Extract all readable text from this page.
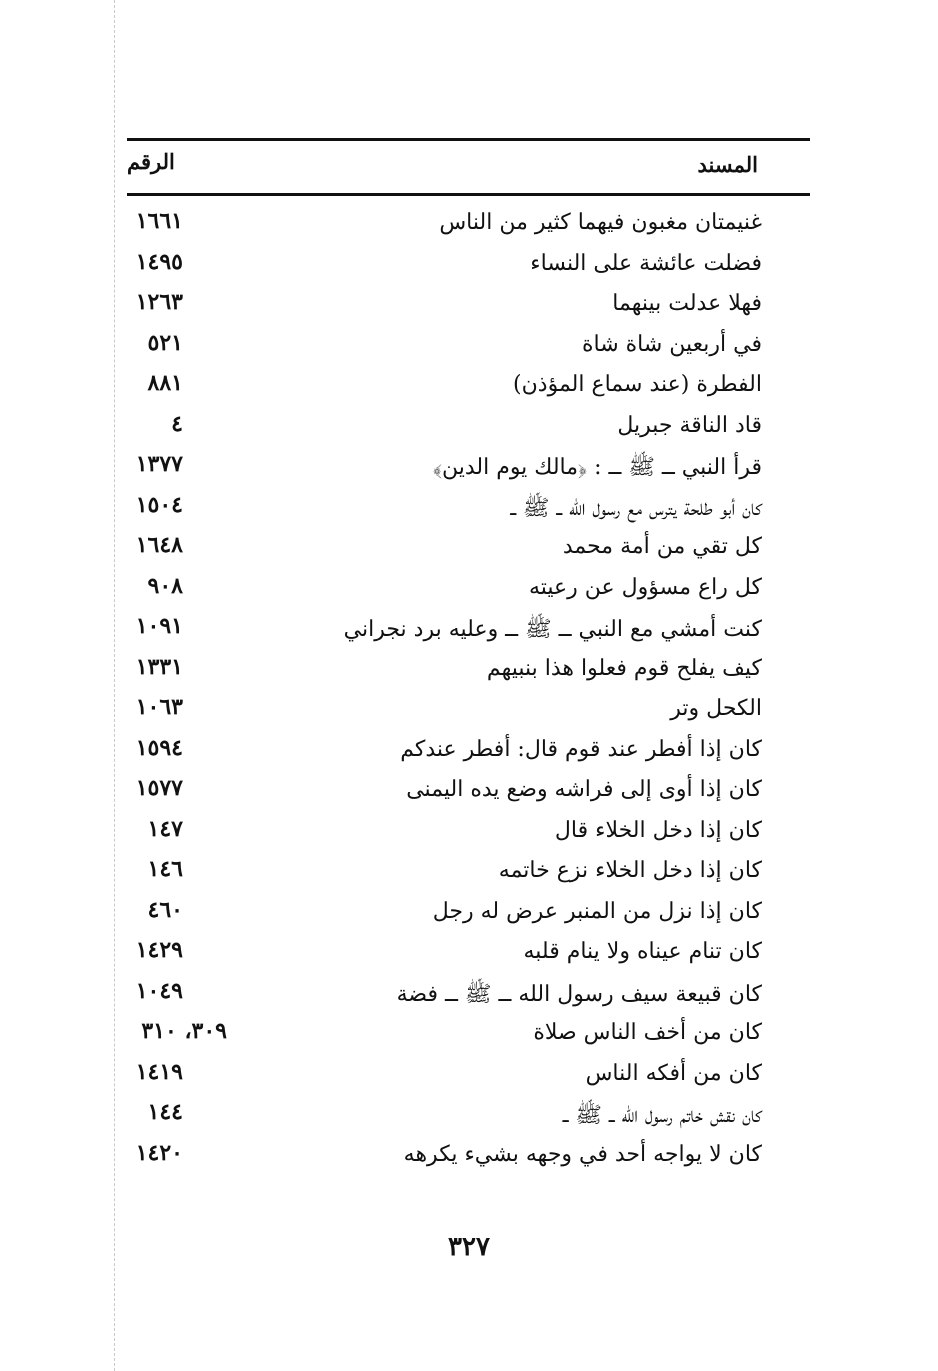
المسند
الرقم
غنيمتان مغبون فيهما كثير من الناس
١٦٦١
فضلت عائشة على النساء
١٤٩٥
فهلا عدلت بينهما
١٢٦٣
في أربعين شاة شاة
٥٢١
الفطرة (عند سماع المؤذن)
٨٨١
قاد الناقة جبريل
٤
قرأ النبي ــ ﷺ ــ : ﴿مالك يوم الدين﴾
١٣٧٧
كان أبو طلحة يترس مع رسول الله ــ ﷺ ــ
١٥٠٤
كل تقي من أمة محمد
١٦٤٨
كل راع مسؤول عن رعيته
٩٠٨
كنت أمشي مع النبي ــ ﷺ ــ وعليه برد نجراني
١٠٩١
كيف يفلح قوم فعلوا هذا بنبيهم
١٣٣١
الكحل وتر
١٠٦٣
كان إذا أفطر عند قوم قال: أفطر عندكم
١٥٩٤
كان إذا أوى إلى فراشه وضع يده اليمنى
١٥٧٧
كان إذا دخل الخلاء قال
١٤٧
كان إذا دخل الخلاء نزع خاتمه
١٤٦
كان إذا نزل من المنبر عرض له رجل
٤٦٠
كان تنام عيناه ولا ينام قلبه
١٤٢٩
كان قبيعة سيف رسول الله ــ ﷺ ــ فضة
١٠٤٩
كان من أخف الناس صلاة
٣٠٩، ٣١٠
كان من أفكه الناس
١٤١٩
كان نقش خاتم رسول الله ــ ﷺ ــ
١٤٤
كان لا يواجه أحد في وجهه بشيء يكرهه
١٤٢٠
٣٢٧
